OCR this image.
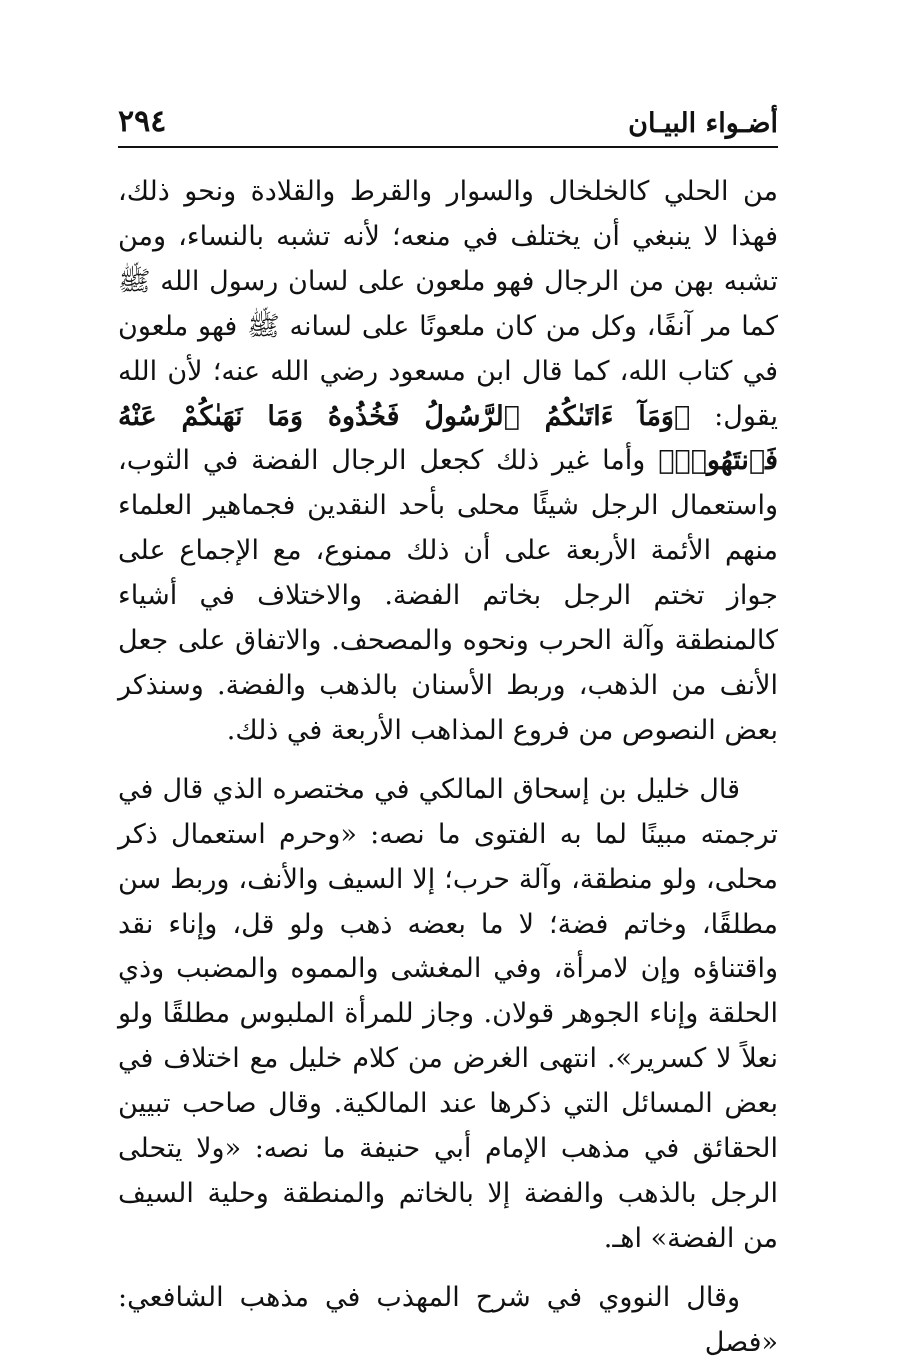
أضـواء البيـان
٢٩٤

من الحلي كالخلخال والسوار والقرط والقلادة ونحو ذلك، فهذا لا ينبغي أن يختلف في منعه؛ لأنه تشبه بالنساء، ومن تشبه بهن من الرجال فهو ملعون على لسان رسول الله ﷺ كما مر آنفًا، وكل من كان ملعونًا على لسانه ﷺ فهو ملعون في كتاب الله، كما قال ابن مسعود رضي الله عنه؛ لأن الله يقول: ﴿وَمَآ ءَاتَىٰكُمُ ٱلرَّسُولُ فَخُذُوهُ وَمَا نَهَىٰكُمْ عَنْهُ فَٱنتَهُوا۟﴾ وأما غير ذلك كجعل الرجال الفضة في الثوب، واستعمال الرجل شيئًا محلى بأحد النقدين فجماهير العلماء منهم الأئمة الأربعة على أن ذلك ممنوع، مع الإجماع على جواز تختم الرجل بخاتم الفضة. والاختلاف في أشياء كالمنطقة وآلة الحرب ونحوه والمصحف. والاتفاق على جعل الأنف من الذهب، وربط الأسنان بالذهب والفضة. وسنذكر بعض النصوص من فروع المذاهب الأربعة في ذلك.

قال خليل بن إسحاق المالكي في مختصره الذي قال في ترجمته مبينًا لما به الفتوى ما نصه: «وحرم استعمال ذكر محلى، ولو منطقة، وآلة حرب؛ إلا السيف والأنف، وربط سن مطلقًا، وخاتم فضة؛ لا ما بعضه ذهب ولو قل، وإناء نقد واقتناؤه وإن لامرأة، وفي المغشى والمموه والمضبب وذي الحلقة وإناء الجوهر قولان. وجاز للمرأة الملبوس مطلقًا ولو نعلاً لا كسرير». انتهى الغرض من كلام خليل مع اختلاف في بعض المسائل التي ذكرها عند المالكية. وقال صاحب تبيين الحقائق في مذهب الإمام أبي حنيفة ما نصه: «ولا يتحلى الرجل بالذهب والفضة إلا بالخاتم والمنطقة وحلية السيف من الفضة» اهـ.

وقال النووي في شرح المهذب في مذهب الشافعي: «فصل
